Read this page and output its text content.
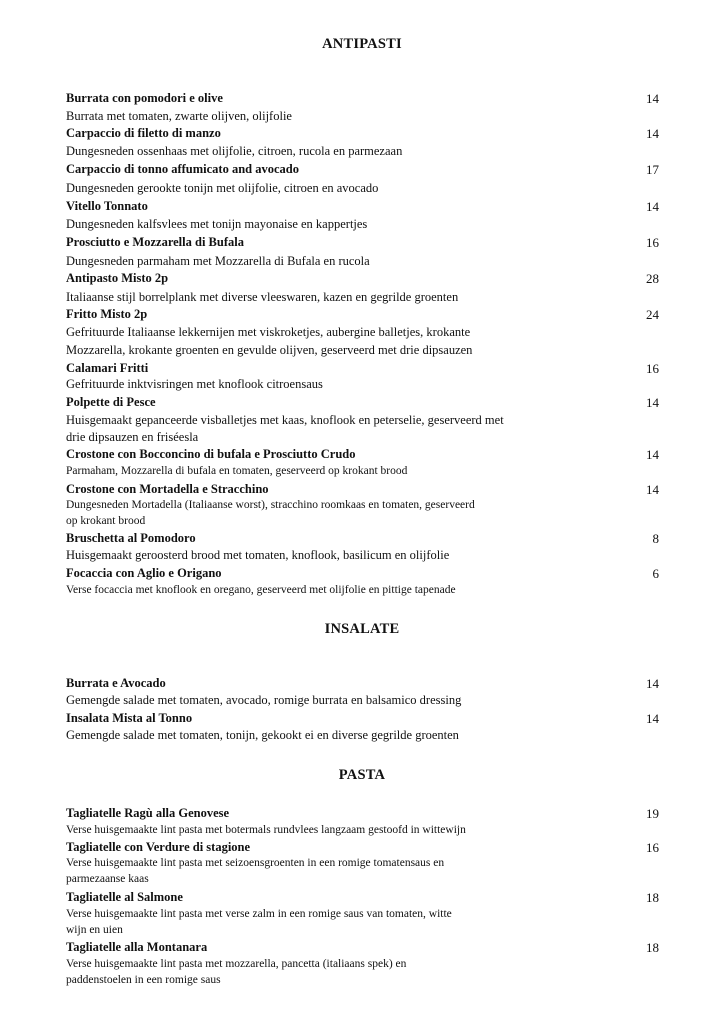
ANTIPASTI
Burrata con pomodori e olive	14
Burrata met tomaten, zwarte olijven, olijfolie
Carpaccio di filetto di manzo	14
Dungesneden ossenhaas met olijfolie, citroen, rucola en parmezaan
Carpaccio di tonno affumicato and avocado	17
Dungesneden gerookte tonijn met olijfolie, citroen en avocado
Vitello Tonnato	14
Dungesneden kalfsvlees met tonijn mayonaise en kappertjes
Prosciutto e Mozzarella di Bufala	16
Dungesneden parmaham met Mozzarella di Bufala en rucola
Antipasto Misto 2p	28
Italiaanse stijl borrelplank met diverse vleeswaren, kazen en gegrilde groenten
Fritto Misto 2p	24
Gefrituurde Italiaanse lekkernijen met viskroketjes, aubergine balletjes, krokante
Mozzarella, krokante groenten en gevulde olijven, geserveerd met drie dipsauzen
Calamari Fritti	16
Gefrituurde inktvisringen met knoflook citroensaus
Polpette di Pesce	14
Huisgemaakt gepanceerde visballetjes met kaas, knoflook en peterselie, geserveerd met
drie dipsauzen en friséesla
Crostone con Bocconcino di bufala e Prosciutto Crudo	14
Parmaham, Mozzarella di bufala en tomaten, geserveerd op krokant brood
Crostone con Mortadella e Stracchino	14
Dungesneden Mortadella (Italiaanse worst), stracchino roomkaas en tomaten, geserveerd
op krokant brood
Bruschetta al Pomodoro	8
Huisgemaakt geroosterd brood met tomaten, knoflook, basilicum en olijfolie
Focaccia con Aglio e Origano	6
Verse focaccia met knoflook en oregano, geserveerd met olijfolie en pittige tapenade
INSALATE
Burrata e Avocado	14
Gemengde salade met tomaten, avocado, romige burrata en balsamico dressing
Insalata Mista al Tonno	14
Gemengde salade met tomaten, tonijn, gekookt ei en diverse gegrilde groenten
PASTA
Tagliatelle Ragù alla Genovese	19
Verse huisgemaakte lint pasta met botermals rundvlees langzaam gestoofd in wittewijn
Tagliatelle con Verdure di stagione	16
Verse huisgemaakte lint pasta met seizoensgroenten in een romige tomatensaus en
parmezaanse kaas
Tagliatelle al Salmone	18
Verse huisgemaakte lint pasta met verse zalm in een romige saus van tomaten, witte
wijn en uien
Tagliatelle alla Montanara	18
Verse huisgemaakte lint pasta met mozzarella, pancetta (italiaans spek) en
paddenstoelen in een romige saus
